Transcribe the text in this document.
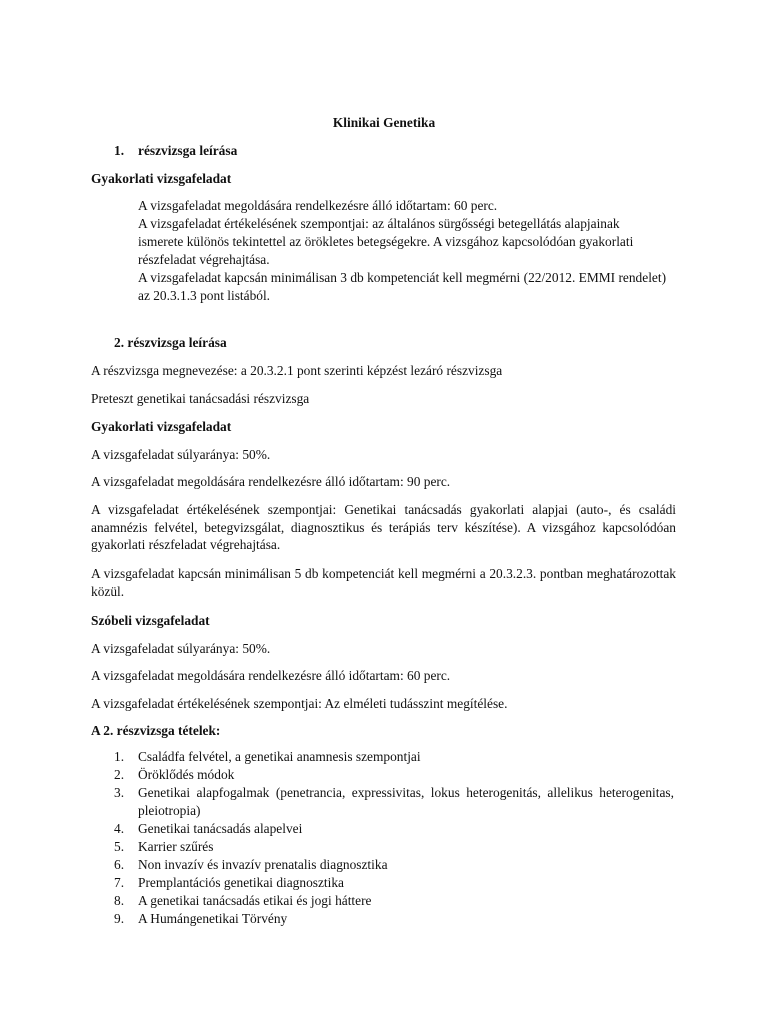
Klinikai Genetika
1. részvizsga leírása
Gyakorlati vizsgafeladat

A vizsgafeladat megoldására rendelkezésre álló időtartam: 60 perc.

A vizsgafeladat értékelésének szempontjai: az általános sürgősségi betegellátás alapjainak ismerete különös tekintettel az örökletes betegségekre. A vizsgához kapcsolódóan gyakorlati részfeladat végrehajtása.

A vizsgafeladat kapcsán minimálisan 3 db kompetenciát kell megmérni (22/2012. EMMI rendelet) az 20.3.1.3 pont listából.

2. részvizsga leírása
A részvizsga megnevezése: a 20.3.2.1 pont szerinti képzést lezáró részvizsga
Preteszt genetikai tanácsadási részvizsga
Gyakorlati vizsgafeladat
A vizsgafeladat súlyaránya: 50%.
A vizsgafeladat megoldására rendelkezésre álló időtartam: 90 perc.
A vizsgafeladat értékelésének szempontjai: Genetikai tanácsadás gyakorlati alapjai (auto-, és családi anamnézis felvétel, betegvizsgálat, diagnosztikus és terápiás terv készítése). A vizsgához kapcsolódóan gyakorlati részfeladat végrehajtása.
A vizsgafeladat kapcsán minimálisan 5 db kompetenciát kell megmérni a 20.3.2.3. pontban meghatározottak közül.
Szóbeli vizsgafeladat
A vizsgafeladat súlyaránya: 50%.
A vizsgafeladat megoldására rendelkezésre álló időtartam: 60 perc.
A vizsgafeladat értékelésének szempontjai: Az elméleti tudásszint megítélése.
A 2. részvizsga tételek:
1. Családfa felvétel, a genetikai anamnesis szempontjai
2. Öröklődés módok
3. Genetikai alapfogalmak (penetrancia, expressivitas, lokus heterogenitás, allelikus heterogenitas, pleiotropia)
4. Genetikai tanácsadás alapelvei
5. Karrier szűrés
6. Non invazív és invazív prenatalis diagnosztika
7. Premplantációs genetikai diagnosztika
8. A genetikai tanácsadás etikai és jogi háttere
9. A Humángenetikai Törvény
